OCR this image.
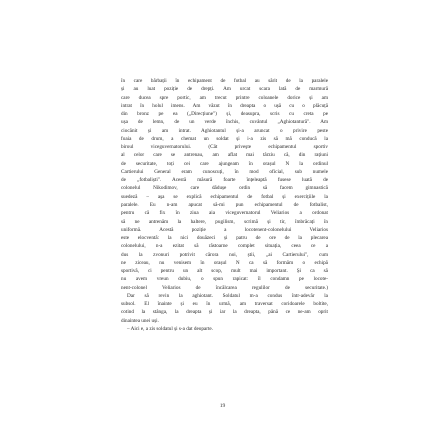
în care bărbații în echipament de fotbal au sărit de la paralele
și au luat poziție de drepți. Am urcat scara lată de marmură
care ducea spre portic, am trecut printre coloanele dorice și am
intrat în holul imens. Am văzut în dreapta o ușă cu o plăcuță
din bronz pe ea („Direcțiune") și, deasupra, scris cu creta pe
ușa de lemn, de un verde închis, cuvântul „Aghiotantură". Am
ciocănit și am intrat. Aghiotantul și-a aruncat o privire peste
foaia de drum, a chemat un soldat și i-a zis să mă conducă la
biroul viceguvernatorului. (Cât priveşte echipamentul sportiv
al celor care se antrenau, am aflat mai târziu că, din rațiuni
de securitate, toți cei care ajungeam în orașul N la ordinul
Cartierului General eram cunoscuți, în mod oficial, sub numele
de „fotbaliști". Acestă măsură foarte înțeleaptă fusese luată de
colonelul Nikodimov, care dădușe ordin să facem gimnastică
suedeză – aşa se explică echipamentul de fotbal și exercițiile la
paralele. Eu n-am apucat să-mi pun echipamentul de fotbalist,
pentru că fix în ziua aia viceguvernatorul Veliarios a ordonat
să ne antrenăm la haltere, pugilism, scrimă și tir, îmbrăcați în
uniformă. Acestă poziție a locotenent-colonelului Veliarios
este elocventă: la nici douăzeci și patru de ore de la plecarea
colonelului, n-a ezitat să răstoarne complet situația, ceea ce a
dus la zvonuri potrivit cărora noi, știi, „ai Cartierului", cum
ne ziceau, nu venisem în orașul N ca să formăm o echipă
sportivă, ci pentru un alt scop, mult mai important. Și ca să
nu avem vreun dubiu, o spun rapicat: îl condamn pe locote-
nent-colonel Veliarios de încălcarea regulilor de securitate.)
Dar să revin la aghiotant. Soldatul m-a condus într-adevăr la
subsol. El înainte și eu în urmă, am traversat coridoarele boltite,
cotind la stânga, la dreapta și iar la dreapta, până ce ne-am oprit
dinaintea unei uși.
– Aici e, a zis soldatul și s-a dat deoparte.
19
